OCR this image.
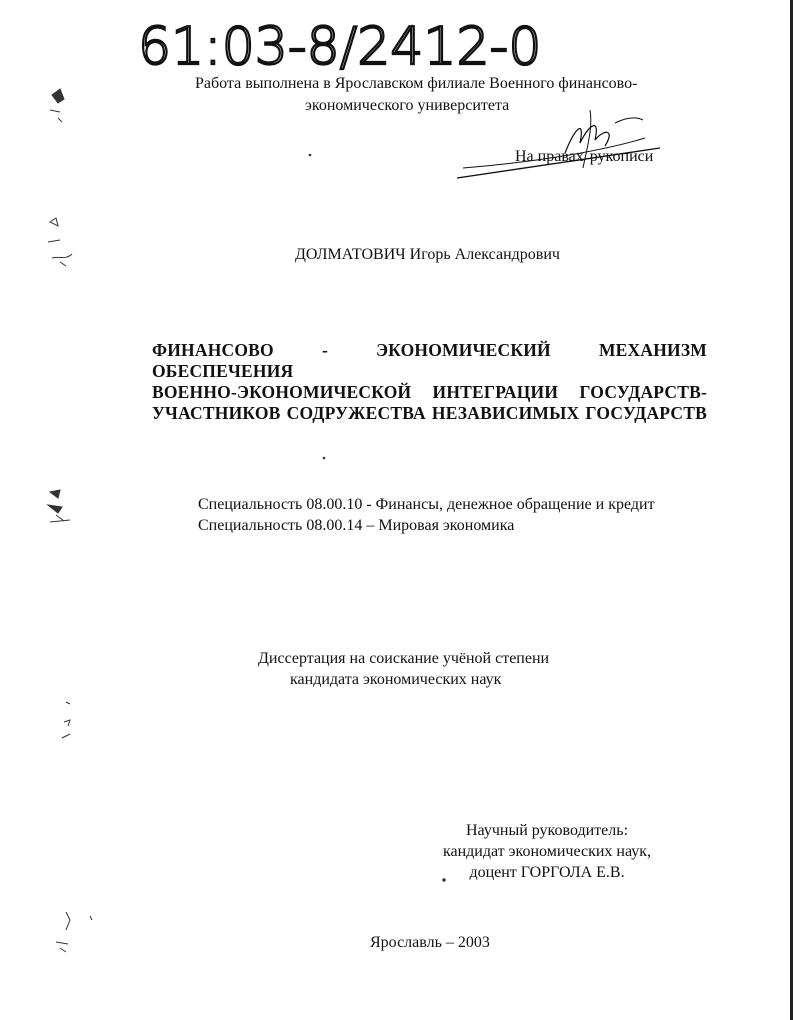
61:03-8/2412-0
Работа выполнена в Ярославском филиале Военного финансово-
экономического университета
На правах рукописи
ДОЛМАТОВИЧ Игорь Александрович
ФИНАНСОВО - ЭКОНОМИЧЕСКИЙ МЕХАНИЗМ ОБЕСПЕЧЕНИЯ
ВОЕННО-ЭКОНОМИЧЕСКОЙ ИНТЕГРАЦИИ ГОСУДАРСТВ-
УЧАСТНИКОВ СОДРУЖЕСТВА НЕЗАВИСИМЫХ ГОСУДАРСТВ
Специальность 08.00.10 - Финансы, денежное обращение и кредит
Специальность 08.00.14 – Мировая экономика
Диссертация на соискание учёной степени
кандидата экономических наук
Научный руководитель:
кандидат экономических наук,
доцент ГОРГОЛА Е.В.
Ярославль – 2003
